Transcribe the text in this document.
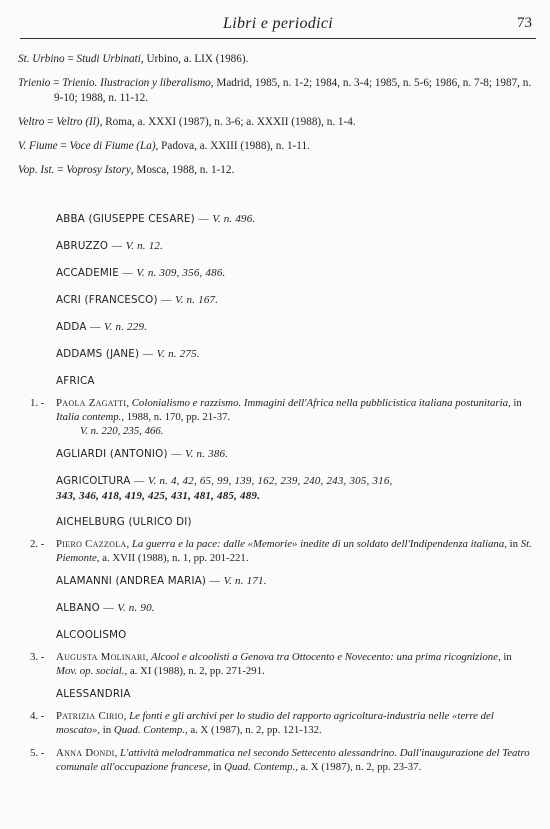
Libri e periodici	73
St. Urbino = Studi Urbinati, Urbino, a. LIX (1986).
Trienio = Trienio. Ilustracion y liberalismo, Madrid, 1985, n. 1-2; 1984, n. 3-4; 1985, n. 5-6; 1986, n. 7-8; 1987, n. 9-10; 1988, n. 11-12.
Veltro = Veltro (Il), Roma, a. XXXI (1987), n. 3-6; a. XXXII (1988), n. 1-4.
V. Fiume = Voce di Fiume (La), Padova, a. XXIII (1988), n. 1-11.
Vop. Ist. = Voprosy Istory, Mosca, 1988, n. 1-12.
ABBA (GIUSEPPE CESARE) — V. n. 496.
ABRUZZO — V. n. 12.
ACCADEMIE — V. n. 309, 356, 486.
ACRI (FRANCESCO) — V. n. 167.
ADDA — V. n. 229.
ADDAMS (JANE) — V. n. 275.
AFRICA
1. -	Paola Zagatti, Colonialismo e razzismo. Immagini dell'Africa nella pubblicistica italiana postunitaria, in Italia contemp., 1988, n. 170, pp. 21-37.
V. n. 220, 235, 466.
AGLIARDI (ANTONIO) — V. n. 386.
AGRICOLTURA — V. n. 4, 42, 65, 99, 139, 162, 239, 240, 243, 305, 316,
343, 346, 418, 419, 425, 431, 481, 485, 489.
AICHELBURG (ULRICO DI)
2. -	Piero Cazzola, La guerra e la pace: dalle «Memorie» inedite di un soldato dell'Indipendenza italiana, in St. Piemonte, a. XVII (1988), n. 1, pp. 201-221.
ALAMANNI (ANDREA MARIA) — V. n. 171.
ALBANO — V. n. 90.
ALCOOLISMO
3. -	Augusta Molinari, Alcool e alcoolisti a Genova tra Ottocento e Novecento: una prima ricognizione, in Mov. op. social., a. XI (1988), n. 2, pp. 271-291.
ALESSANDRIA
4. -	Patrizia Cirio, Le fonti e gli archivi per lo studio del rapporto agricoltura-industria nelle «terre del moscato», in Quad. Contemp., a. X (1987), n. 2, pp. 121-132.
5. -	Anna Dondi, L'attività melodrammatica nel secondo Settecento alessandrino. Dall'inaugurazione del Teatro comunale all'occupazione francese, in Quad. Contemp., a. X (1987), n. 2, pp. 23-37.
